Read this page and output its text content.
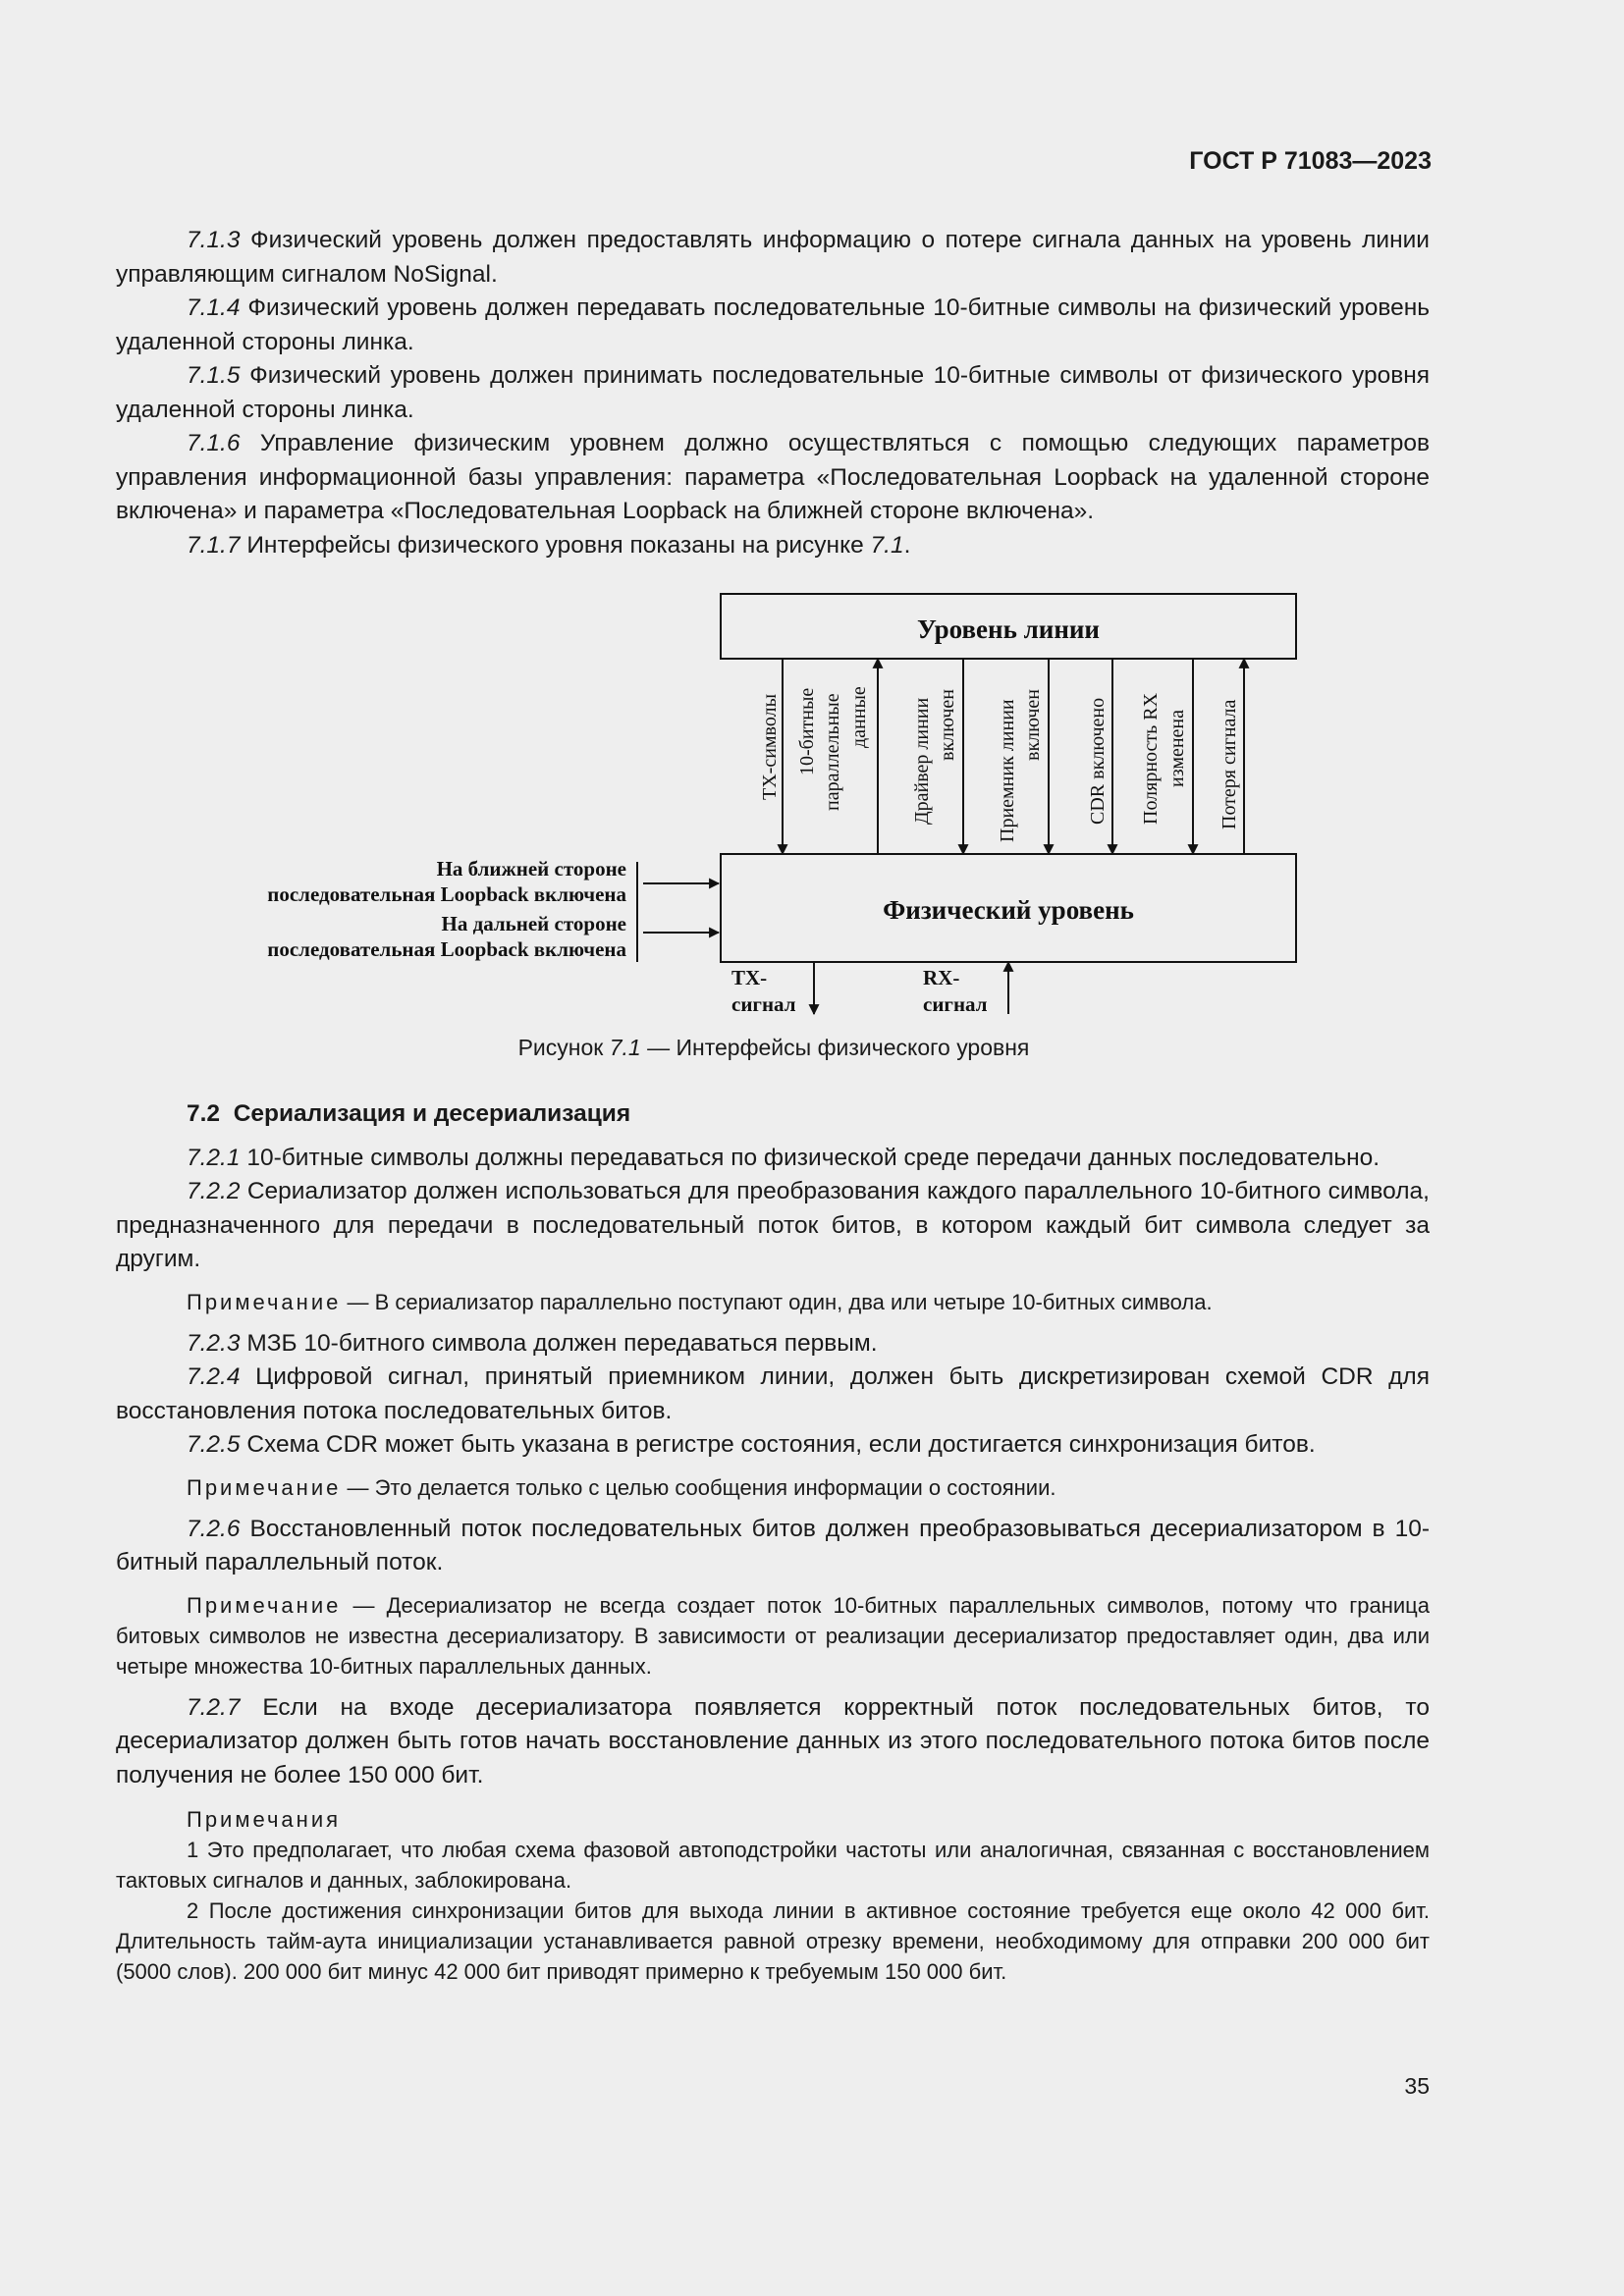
ГОСТ Р 71083—2023

7.1.3 Физический уровень должен предоставлять информацию о потере сигнала данных на уровень линии управляющим сигналом NoSignal.

7.1.4 Физический уровень должен передавать последовательные 10-битные символы на физический уровень удаленной стороны линка.

7.1.5 Физический уровень должен принимать последовательные 10-битные символы от физического уровня удаленной стороны линка.

7.1.6 Управление физическим уровнем должно осуществляться с помощью следующих параметров управления информационной базы управления: параметра «Последовательная Loopback на удаленной стороне включена» и параметра «Последовательная Loopback на ближней стороне включена».

7.1.7 Интерфейсы физического уровня показаны на рисунке 7.1.

Уровень линии
Физический уровень
TX-символы 10-битные параллельные данные Драйвер линии включен Приемник линии включен CDR включено Полярность RX изменена Потеря сигнала
На ближней стороне
последовательная Loopback включена
На дальней стороне
последовательная Loopback включена
TX-
сигнал
RX-
сигнал
Рисунок 7.1 — Интерфейсы физического уровня

7.2 Сериализация и десериализация

7.2.1 10-битные символы должны передаваться по физической среде передачи данных последовательно.

7.2.2 Сериализатор должен использоваться для преобразования каждого параллельного 10-битного символа, предназначенного для передачи в последовательный поток битов, в котором каждый бит символа следует за другим.

Примечание — В сериализатор параллельно поступают один, два или четыре 10-битных символа.

7.2.3 МЗБ 10-битного символа должен передаваться первым.

7.2.4 Цифровой сигнал, принятый приемником линии, должен быть дискретизирован схемой CDR для восстановления потока последовательных битов.

7.2.5 Схема CDR может быть указана в регистре состояния, если достигается синхронизация битов.

Примечание — Это делается только с целью сообщения информации о состоянии.

7.2.6 Восстановленный поток последовательных битов должен преобразовываться десериализатором в 10-битный параллельный поток.

Примечание — Десериализатор не всегда создает поток 10-битных параллельных символов, потому что граница битовых символов не известна десериализатору. В зависимости от реализации десериализатор предоставляет один, два или четыре множества 10-битных параллельных данных.

7.2.7 Если на входе десериализатора появляется корректный поток последовательных битов, то десериализатор должен быть готов начать восстановление данных из этого последовательного потока битов после получения не более 150 000 бит.

Примечания

1 Это предполагает, что любая схема фазовой автоподстройки частоты или аналогичная, связанная с восстановлением тактовых сигналов и данных, заблокирована.

2 После достижения синхронизации битов для выхода линии в активное состояние требуется еще около 42 000 бит. Длительность тайм-аута инициализации устанавливается равной отрезку времени, необходимому для отправки 200 000 бит (5000 слов). 200 000 бит минус 42 000 бит приводят примерно к требуемым 150 000 бит.

35
